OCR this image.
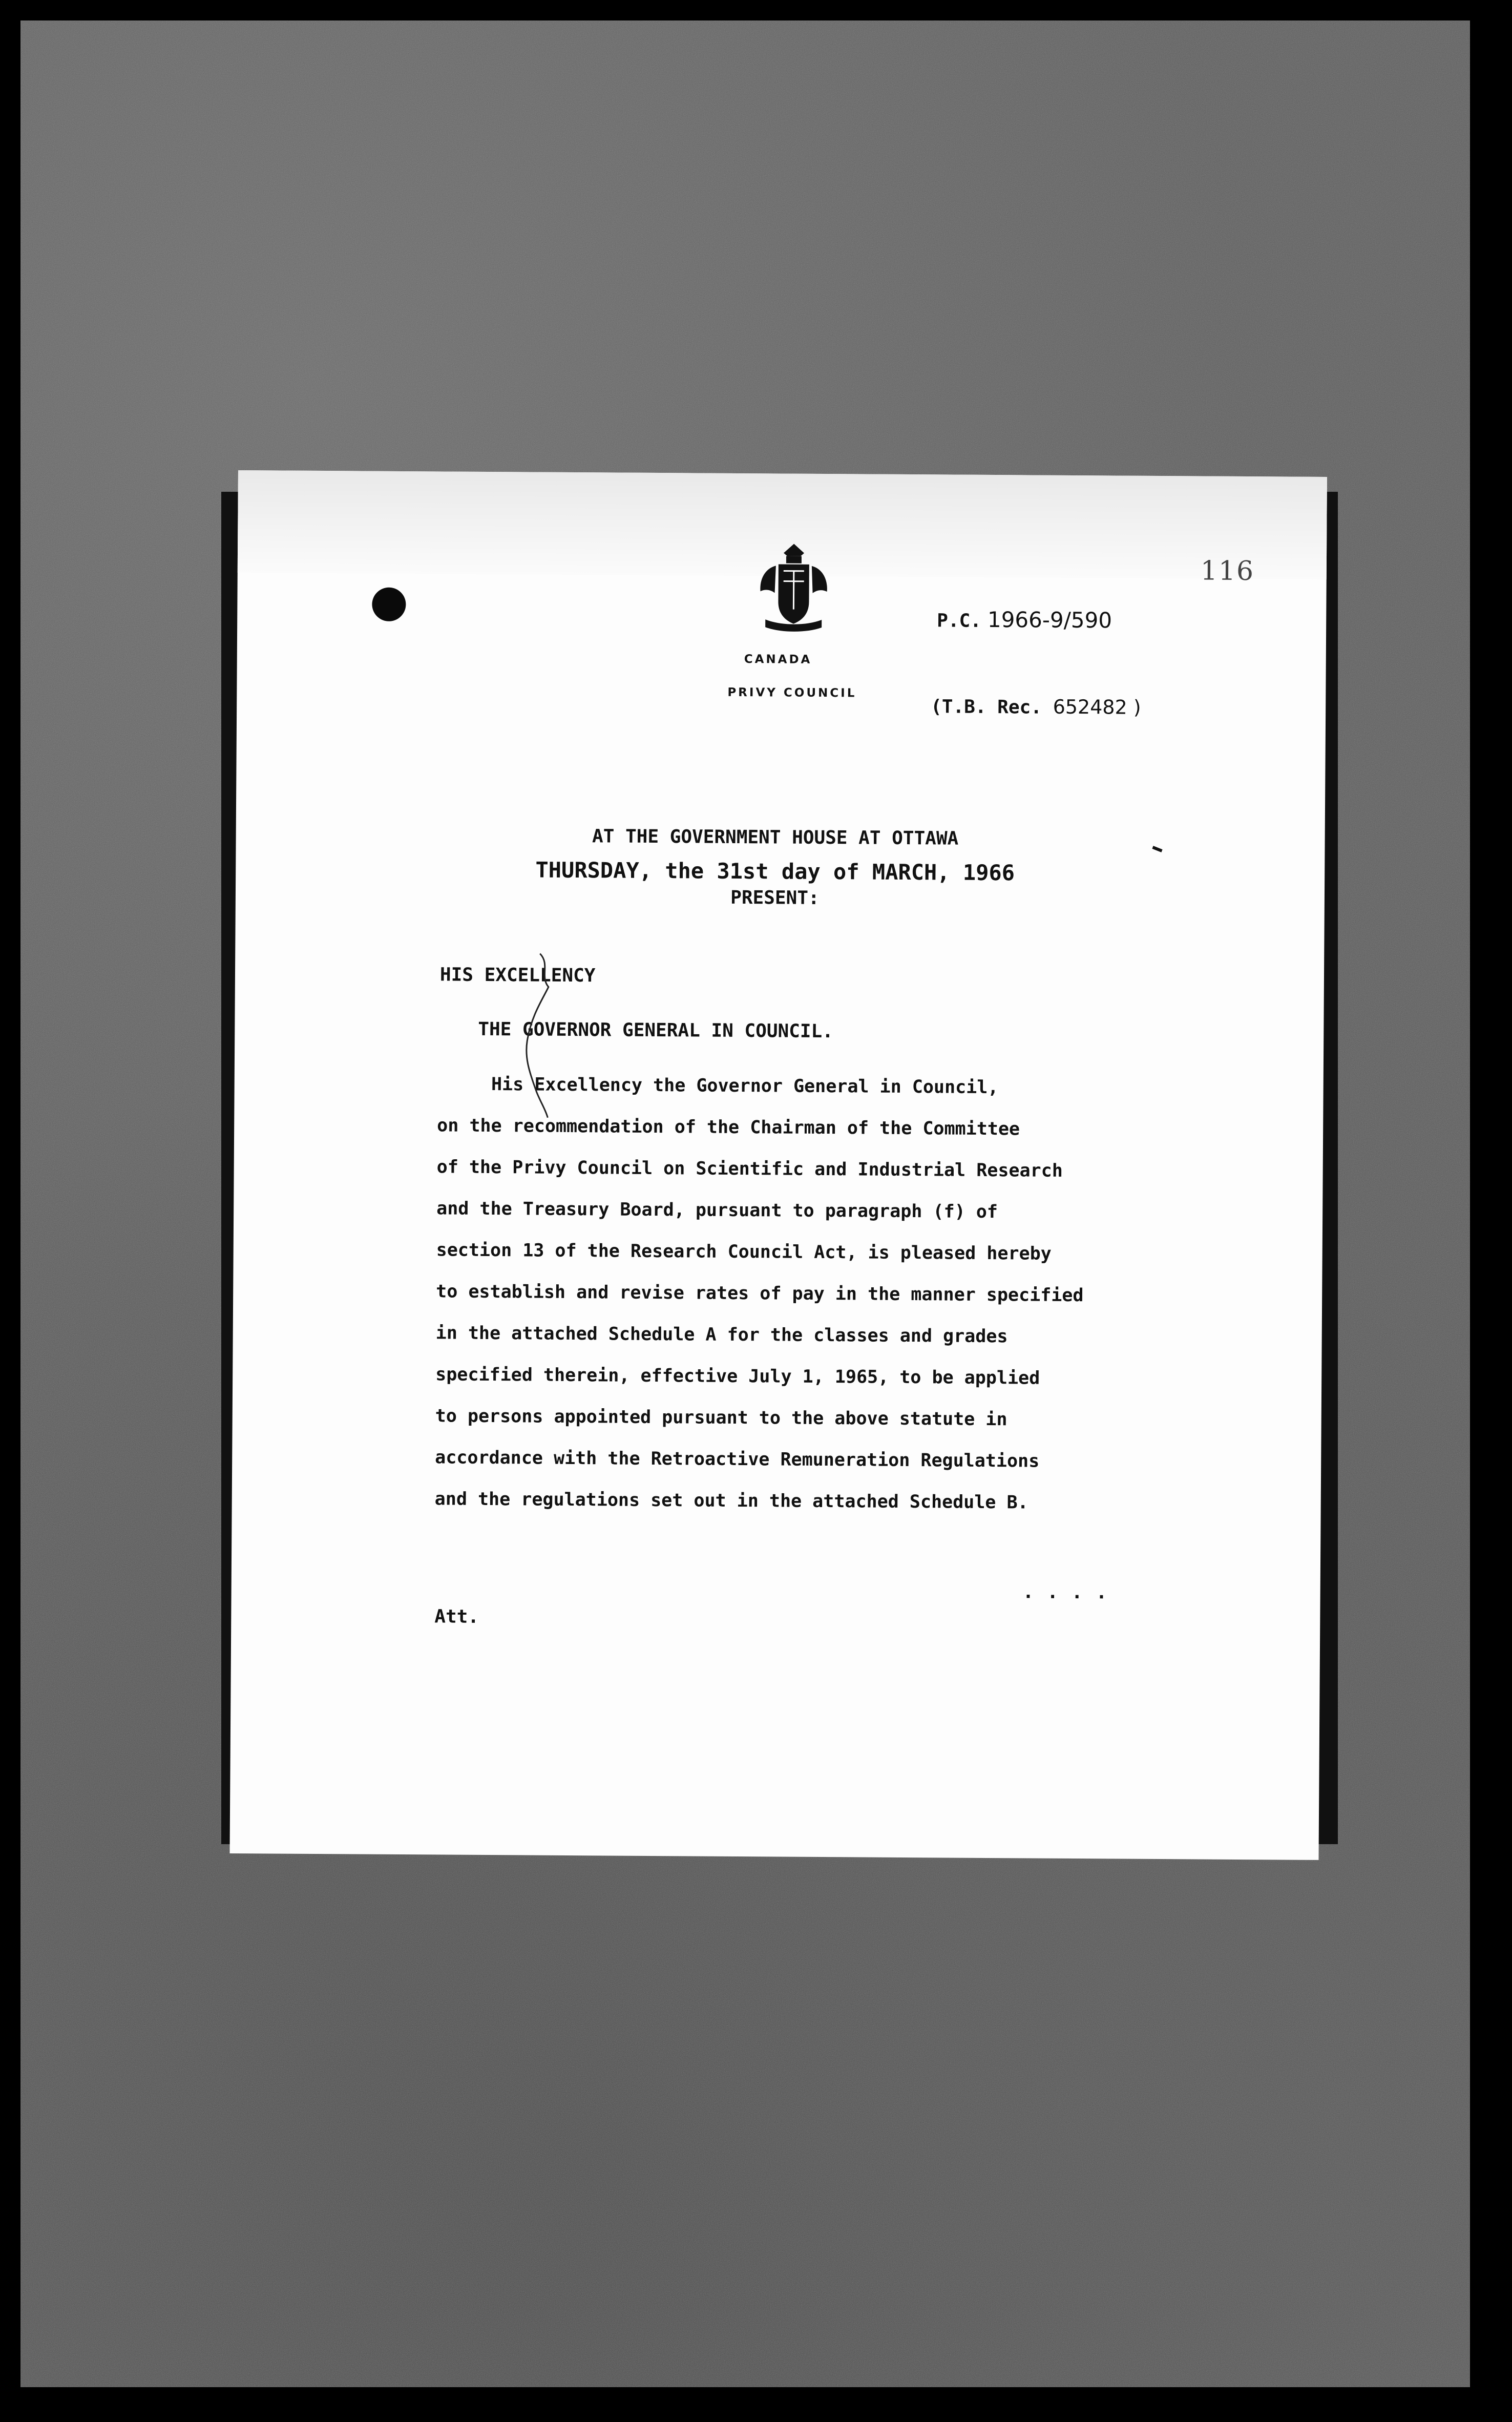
CANADA
PRIVY COUNCIL
116
P.C. 1966-9/590
(T.B. Rec. 652482 )
AT THE GOVERNMENT HOUSE AT OTTAWA
THURSDAY, the 31st day of MARCH, 1966
PRESENT:
HIS EXCELLENCY
THE GOVERNOR GENERAL IN COUNCIL.
His Excellency the Governor General in Council,
on the recommendation of the Chairman of the Committee
of the Privy Council on Scientific and Industrial Research
and the Treasury Board, pursuant to paragraph (f) of
section 13 of the Research Council Act, is pleased hereby
to establish and revise rates of pay in the manner specified
in the attached Schedule A for the classes and grades
specified therein, effective July 1, 1965, to be applied
to persons appointed pursuant to the above statute in
accordance with the Retroactive Remuneration Regulations
and the regulations set out in the attached Schedule B.
....
Att.
